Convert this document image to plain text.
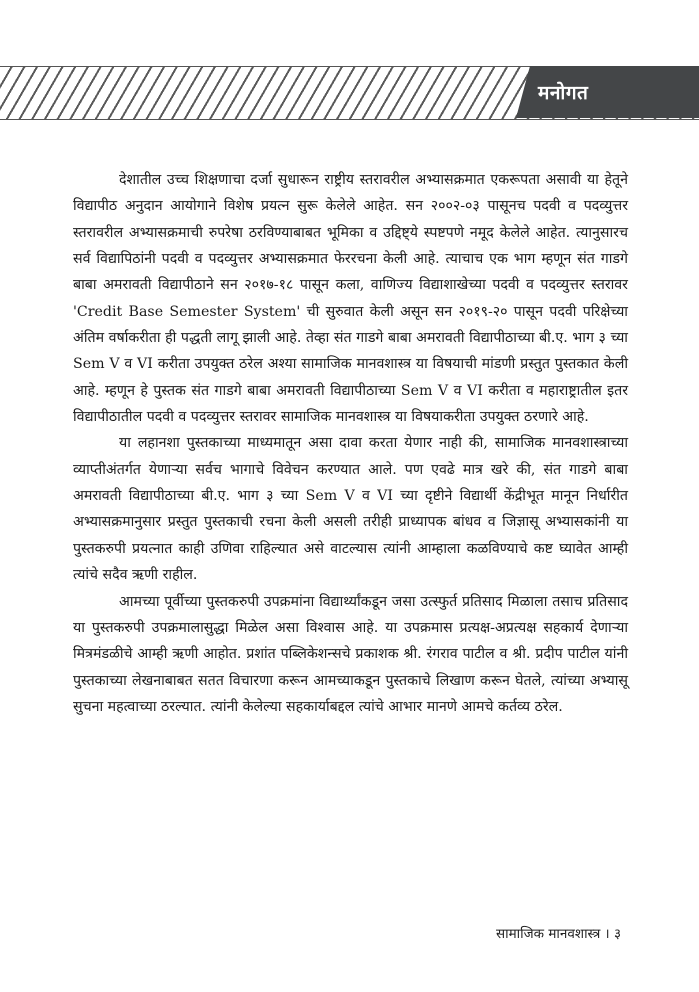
मनोगत

देशातील उच्च शिक्षणाचा दर्जा सुधारून राष्ट्रीय स्तरावरील अभ्यासक्रमात एकरूपता असावी या हेतूने विद्यापीठ अनुदान आयोगाने विशेष प्रयत्न सुरू केलेले आहेत. सन २००२-०३ पासूनच पदवी व पदव्युत्तर स्तरावरील अभ्यासक्रमाची रुपरेषा ठरविण्याबाबत भूमिका व उद्दिष्ट्ये स्पष्टपणे नमूद केलेले आहेत. त्यानुसारच सर्व विद्यापिठांनी पदवी व पदव्युत्तर अभ्यासक्रमात फेररचना केली आहे. त्याचाच एक भाग म्हणून संत गाडगे बाबा अमरावती विद्यापीठाने सन २०१७-१८ पासून कला, वाणिज्य विद्याशाखेच्या पदवी व पदव्युत्तर स्तरावर 'Credit Base Semester System' ची सुरुवात केली असून सन २०१९-२० पासून पदवी परिक्षेच्या अंतिम वर्षाकरीता ही पद्धती लागू झाली आहे. तेव्हा संत गाडगे बाबा अमरावती विद्यापीठाच्या बी.ए. भाग ३ च्या Sem V व VI करीता उपयुक्त ठरेल अश्या सामाजिक मानवशास्त्र या विषयाची मांडणी प्रस्तुत पुस्तकात केली आहे. म्हणून हे पुस्तक संत गाडगे बाबा अमरावती विद्यापीठाच्या Sem V व VI करीता व महाराष्ट्रातील इतर विद्यापीठातील पदवी व पदव्युत्तर स्तरावर सामाजिक मानवशास्त्र या विषयाकरीता उपयुक्त ठरणारे आहे.

या लहानशा पुस्तकाच्या माध्यमातून असा दावा करता येणार नाही की, सामाजिक मानवशास्त्राच्या व्याप्तीअंतर्गत येणाऱ्या सर्वच भागाचे विवेचन करण्यात आले. पण एवढे मात्र खरे की, संत गाडगे बाबा अमरावती विद्यापीठाच्या बी.ए. भाग ३ च्या Sem V व VI च्या दृष्टीने विद्यार्थी केंद्रीभूत मानून निर्धारीत अभ्यासक्रमानुसार प्रस्तुत पुस्तकाची रचना केली असली तरीही प्राध्यापक बांधव व जिज्ञासू अभ्यासकांनी या पुस्तकरुपी प्रयत्नात काही उणिवा राहिल्यात असे वाटल्यास त्यांनी आम्हाला कळविण्याचे कष्ट घ्यावेत आम्ही त्यांचे सदैव ऋणी राहील.

आमच्या पूर्वीच्या पुस्तकरुपी उपक्रमांना विद्यार्थ्यांकडून जसा उत्स्फुर्त प्रतिसाद मिळाला तसाच प्रतिसाद या पुस्तकरुपी उपक्रमालासुद्धा मिळेल असा विश्वास आहे. या उपक्रमास प्रत्यक्ष-अप्रत्यक्ष सहकार्य देणाऱ्या मित्रमंडळीचे आम्ही ऋणी आहोत. प्रशांत पब्लिकेशन्सचे प्रकाशक श्री. रंगराव पाटील व श्री. प्रदीप पाटील यांनी पुस्तकाच्या लेखनाबाबत सतत विचारणा करून आमच्याकडून पुस्तकाचे लिखाण करून घेतले, त्यांच्या अभ्यासू सुचना महत्वाच्या ठरल्यात. त्यांनी केलेल्या सहकार्याबद्दल त्यांचे आभार मानणे आमचे कर्तव्य ठरेल.

सामाजिक मानवशास्त्र । ३
